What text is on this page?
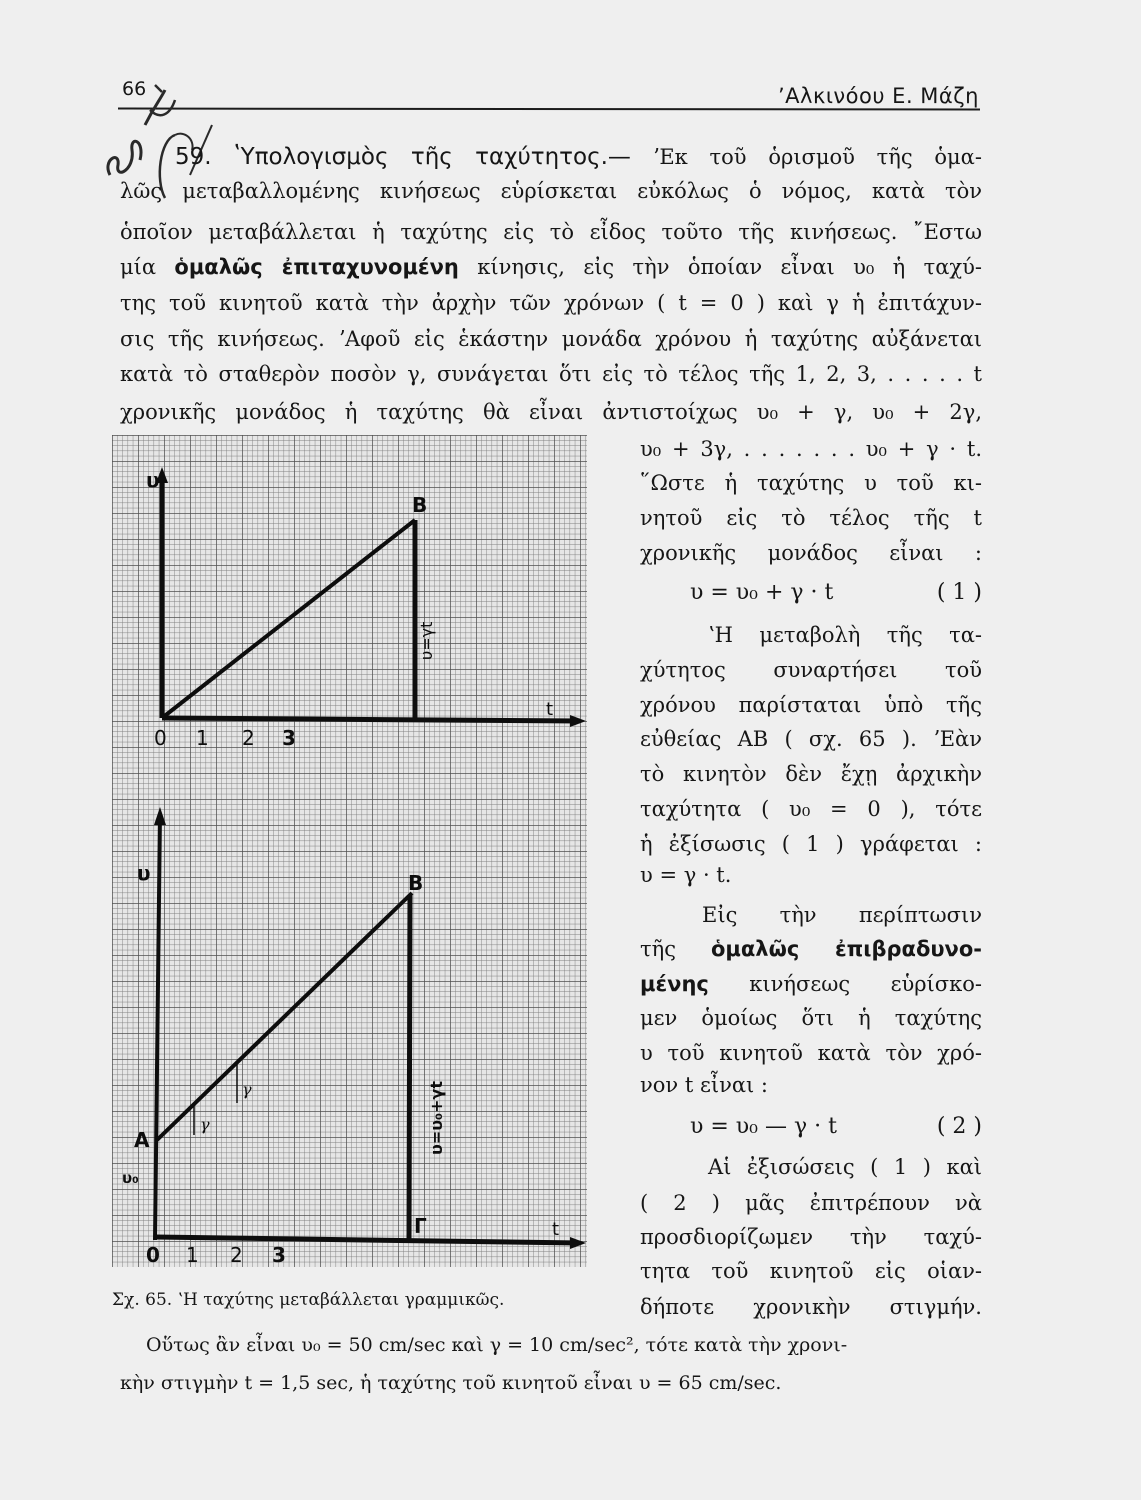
66	ʼΑλκινόου Ε. Μάζη
59. ʽΥπολογισμὸς τῆς ταχύτητος.— ʼΕκ τοῦ ὁρισμοῦ τῆς ὁμα-
λῶς μεταβαλλομένης κινήσεως εὑρίσκεται εὐκόλως ὁ νόμος, κατὰ τὸν
ὁποῖον μεταβάλλεται ἡ ταχύτης εἰς τὸ εἶδος τοῦτο τῆς κινήσεως. ῎Εστω
μία ὁμαλῶς ἐπιταχυνομένη κίνησις, εἰς τὴν ὁποίαν εἶναι υ₀ ἡ ταχύ-
της τοῦ κινητοῦ κατὰ τὴν ἀρχὴν τῶν χρόνων ( t = 0 ) καὶ γ ἡ ἐπιτάχυν-
σις τῆς κινήσεως. ʼΑφοῦ εἰς ἑκάστην μονάδα χρόνου ἡ ταχύτης αὐξάνεται
κατὰ τὸ σταθερὸν ποσὸν γ, συνάγεται ὅτι εἰς τὸ τέλος τῆς 1, 2, 3, . . . . . t
χρονικῆς μονάδος ἡ ταχύτης θὰ εἶναι ἀντιστοίχως υ₀ + γ, υ₀ + 2γ,
υ₀ + 3γ, . . . . . . . υ₀ + γ · t.
῞Ωστε ἡ ταχύτης υ τοῦ κι-
νητοῦ εἰς τὸ τέλος τῆς t
χρονικῆς μονάδος εἶναι :
υ = υ₀ + γ · t	( 1 )
ʽΗ μεταβολὴ τῆς τα-
χύτητος συναρτήσει τοῦ
χρόνου παρίσταται ὑπὸ τῆς
εὐθείας AB ( σχ. 65 ). ʼΕὰν
τὸ κινητὸν δὲν ἔχῃ ἀρχικὴν
ταχύτητα ( υ₀ = 0 ), τότε
ἡ ἐξίσωσις ( 1 ) γράφεται :
υ = γ · t.
Εἰς τὴν περίπτωσιν
τῆς ὁμαλῶς ἐπιβραδυνο-
μένης κινήσεως εὑρίσκο-
μεν ὁμοίως ὅτι ἡ ταχύτης
υ τοῦ κινητοῦ κατὰ τὸν χρό-
νον t εἶναι :
υ = υ₀ — γ · t	( 2 )
Αἱ ἐξισώσεις ( 1 ) καὶ
( 2 ) μᾶς ἐπιτρέπουν νὰ
προσδιορίζωμεν τὴν ταχύ-
τητα τοῦ κινητοῦ εἰς οἱαν-
δήποτε χρονικὴν στιγμήν.
υ
B
t
0 1 2 3
υ=γt
υ	B
A
Γ
υ₀
γ
γ
t
0 1 2 3
υ=υ₀+γt
Σχ. 65. ʽΗ ταχύτης μεταβάλλεται γραμμικῶς.
Οὕτως ἂν εἶναι υ₀ = 50 cm/sec καὶ γ = 10 cm/sec², τότε κατὰ τὴν χρονι-
κὴν στιγμὴν t = 1,5 sec, ἡ ταχύτης τοῦ κινητοῦ εἶναι υ = 65 cm/sec.
